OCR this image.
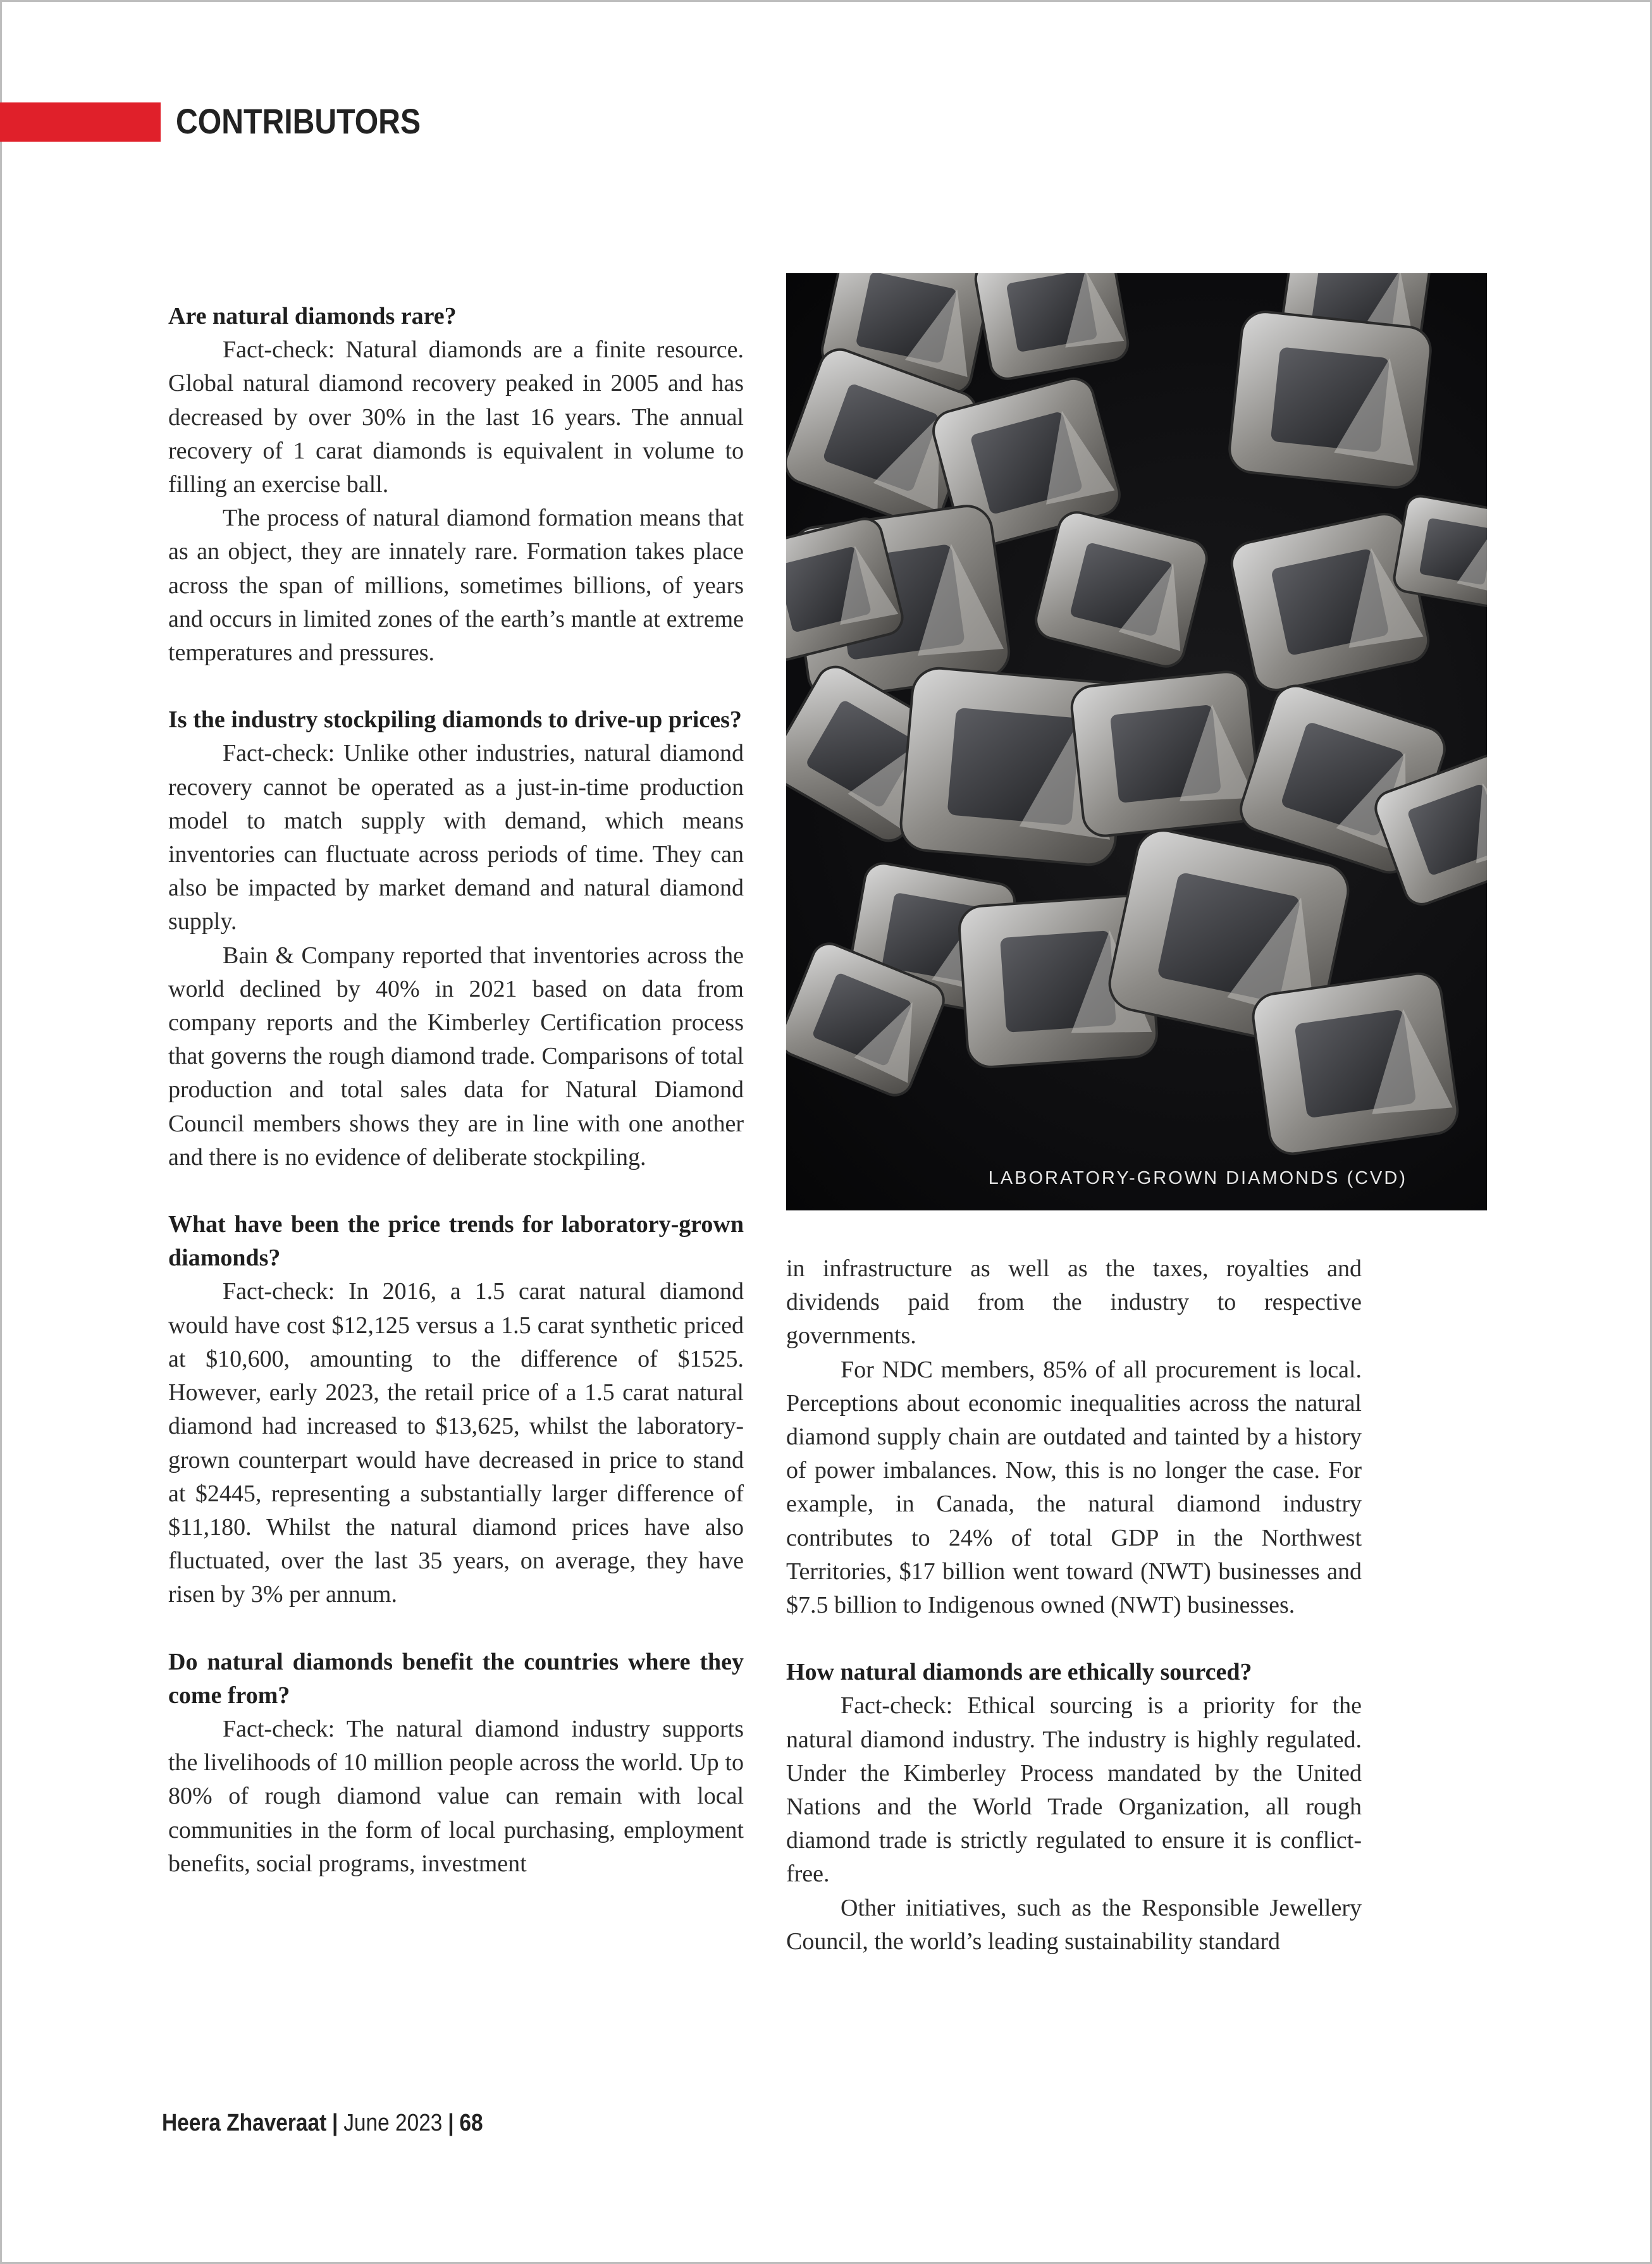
CONTRIBUTORS
Are natural diamonds rare?
Fact-check: Natural diamonds are a finite resource. Global natural diamond recovery peaked in 2005 and has decreased by over 30% in the last 16 years. The annual recovery of 1 carat diamonds is equivalent in volume to filling an exercise ball.
The process of natural diamond formation means that as an object, they are innately rare. Formation takes place across the span of millions, sometimes billions, of years and occurs in limited zones of the earth’s mantle at extreme temperatures and pressures.
Is the industry stockpiling diamonds to drive-up prices?
Fact-check: Unlike other industries, natural diamond recovery cannot be operated as a just-in-time production model to match supply with demand, which means inventories can fluctuate across periods of time. They can also be impacted by market demand and natural diamond supply.
Bain & Company reported that inventories across the world declined by 40% in 2021 based on data from company reports and the Kimberley Certification process that governs the rough diamond trade. Comparisons of total production and total sales data for Natural Diamond Council members shows they are in line with one another and there is no evidence of deliberate stockpiling.
What have been the price trends for laboratory-grown diamonds?
Fact-check: In 2016, a 1.5 carat natural diamond would have cost $12,125 versus a 1.5 carat synthetic priced at $10,600, amounting to the difference of $1525. However, early 2023, the retail price of a 1.5 carat natural diamond had increased to $13,625, whilst the laboratory-grown counterpart would have decreased in price to stand at $2445, representing a substantially larger difference of $11,180. Whilst the natural diamond prices have also fluctuated, over the last 35 years, on average, they have risen by 3% per annum.
Do natural diamonds benefit the countries where they come from?
Fact-check: The natural diamond industry supports the livelihoods of 10 million people across the world. Up to 80% of rough diamond value can remain with local communities in the form of local purchasing, employment benefits, social programs, investment
LABORATORY-GROWN DIAMONDS (CVD)
in infrastructure as well as the taxes, royalties and dividends paid from the industry to respective governments.
For NDC members, 85% of all procurement is local. Perceptions about economic inequalities across the natural diamond supply chain are outdated and tainted by a history of power imbalances. Now, this is no longer the case. For example, in Canada, the natural diamond industry contributes to 24% of total GDP in the Northwest Territories, $17 billion went toward (NWT) businesses and $7.5 billion to Indigenous owned (NWT) businesses.
How natural diamonds are ethically sourced?
Fact-check: Ethical sourcing is a priority for the natural diamond industry. The industry is highly regulated. Under the Kimberley Process mandated by the United Nations and the World Trade Organization, all rough diamond trade is strictly regulated to ensure it is conflict-free.
Other initiatives, such as the Responsible Jewellery Council, the world’s leading sustainability standard
Heera Zhaveraat | June 2023 | 68
